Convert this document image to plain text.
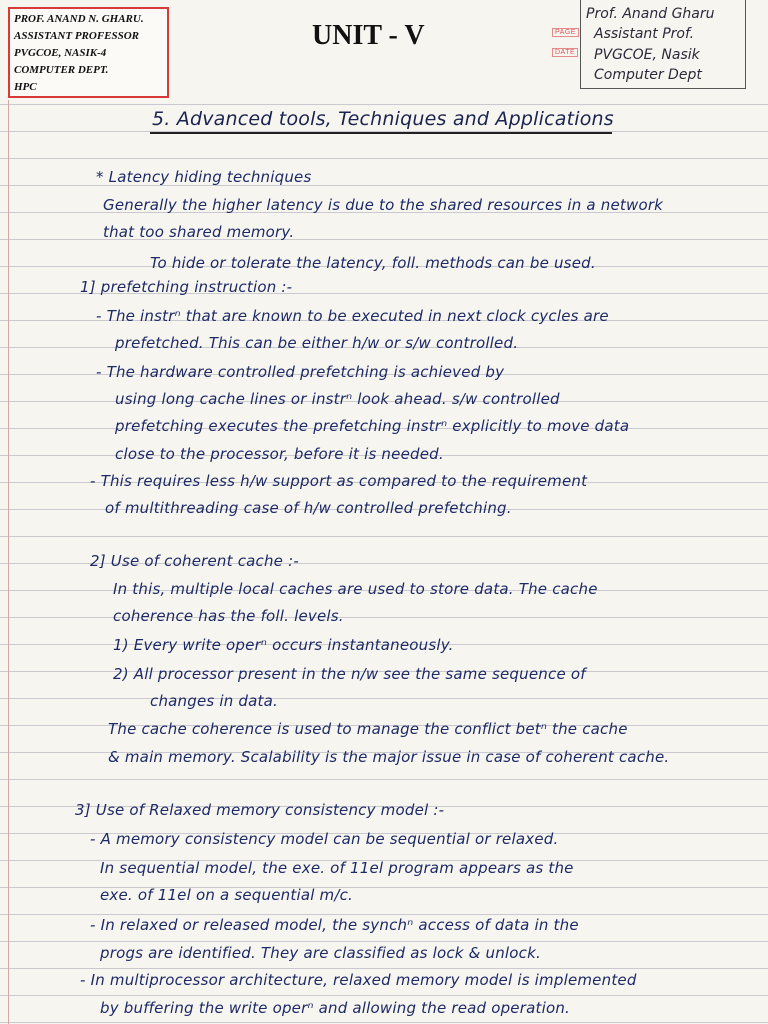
PROF. ANAND N. GHARU.
ASSISTANT PROFESSOR
PVGCOE, NASIK-4
COMPUTER DEPT.
HPC
UNIT - V	PAGE
DATE
Prof. Anand Gharu
Assistant Prof.
PVGCOE, Nasik
Computer Dept
5. Advanced tools, Techniques and Applications
* Latency hiding techniques
Generally the higher latency is due to the shared resources in a network
that too shared memory.
To hide or tolerate the latency, foll. methods can be used.
1] prefetching instruction :-
- The instrⁿ that are known to be executed in next clock cycles are
prefetched. This can be either h/w or s/w controlled.
- The hardware controlled prefetching is achieved by
using long cache lines or instrⁿ look ahead. s/w controlled
prefetching executes the prefetching instrⁿ explicitly to move data
close to the processor, before it is needed.
- This requires less h/w support as compared to the requirement
of multithreading case of h/w controlled prefetching.
2] Use of coherent cache :-
In this, multiple local caches are used to store data. The cache
coherence has the foll. levels.
1) Every write operⁿ occurs instantaneously.
2) All processor present in the n/w see the same sequence of
changes in data.
The cache coherence is used to manage the conflict betⁿ the cache
& main memory. Scalability is the major issue in case of coherent cache.
3] Use of Relaxed memory consistency model :-
- A memory consistency model can be sequential or relaxed.
In sequential model, the exe. of 11el program appears as the
exe. of 11el on a sequential m/c.
- In relaxed or released model, the synchⁿ access of data in the
progs are identified. They are classified as lock & unlock.
- In multiprocessor architecture, relaxed memory model is implemented
by buffering the write operⁿ and allowing the read operation.
